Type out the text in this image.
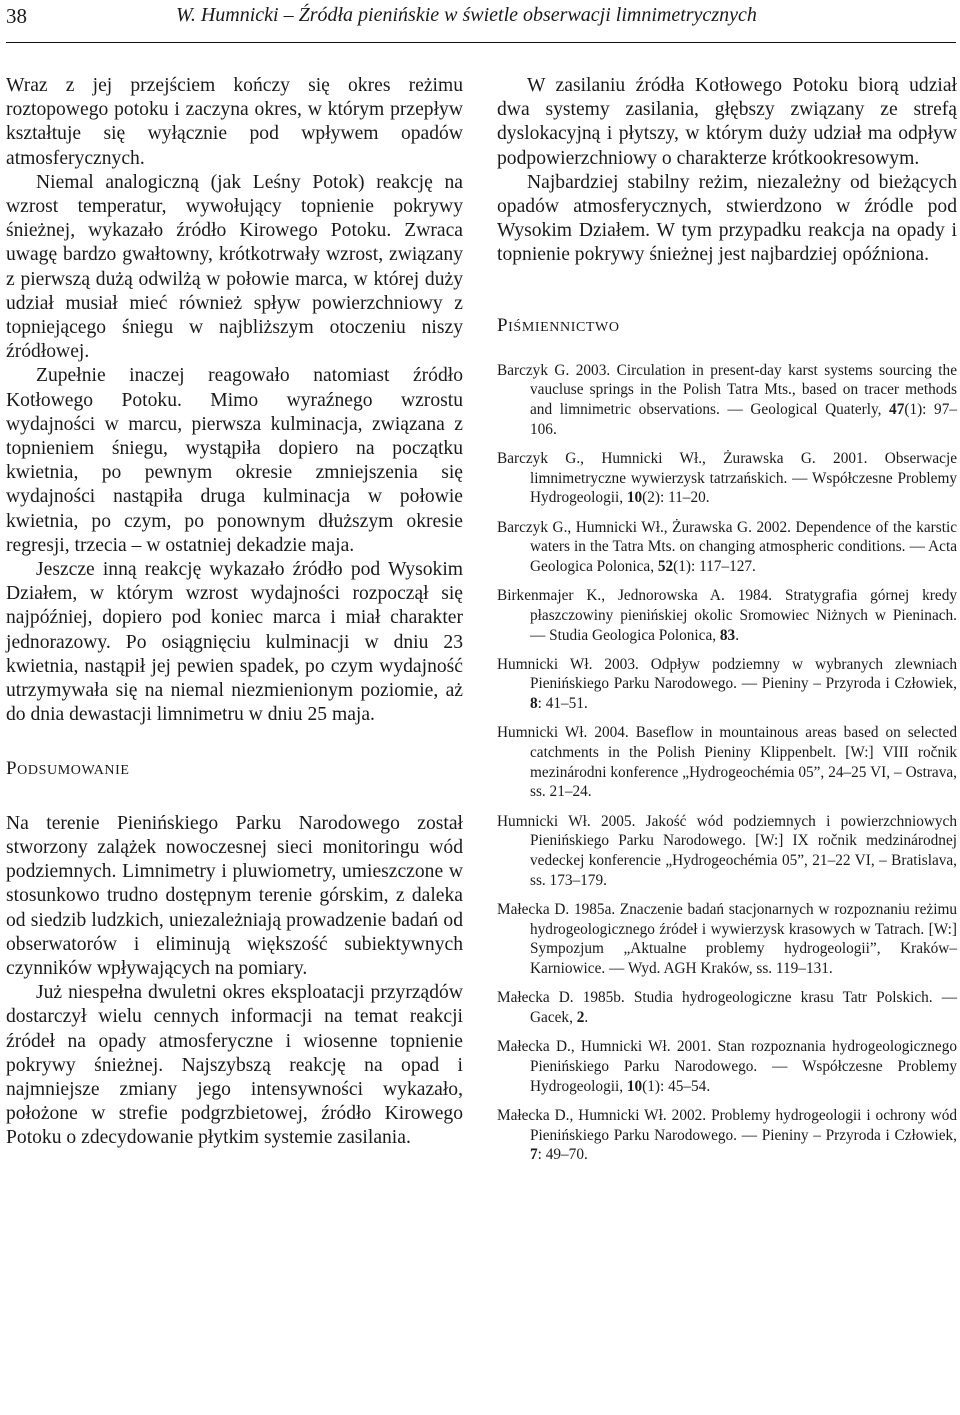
38	W. Humnicki – Źródła pienińskie w świetle obserwacji limnimetrycznych

Wraz z jej przejściem kończy się okres reżimu roztopowego potoku i zaczyna okres, w którym przepływ kształtuje się wyłącznie pod wpływem opadów atmosferycznych.

Niemal analogiczną (jak Leśny Potok) reakcję na wzrost temperatur, wywołujący topnienie pokrywy śnieżnej, wykazało źródło Kirowego Potoku. Zwraca uwagę bardzo gwałtowny, krótkotrwały wzrost, związany z pierwszą dużą odwilżą w połowie marca, w której duży udział musiał mieć również spływ powierzchniowy z topniejącego śniegu w najbliższym otoczeniu niszy źródłowej.

Zupełnie inaczej reagowało natomiast źródło Kotłowego Potoku. Mimo wyraźnego wzrostu wydajności w marcu, pierwsza kulminacja, związana z topnieniem śniegu, wystąpiła dopiero na początku kwietnia, po pewnym okresie zmniejszenia się wydajności nastąpiła druga kulminacja w połowie kwietnia, po czym, po ponownym dłuższym okresie regresji, trzecia – w ostatniej dekadzie maja.

Jeszcze inną reakcję wykazało źródło pod Wysokim Działem, w którym wzrost wydajności rozpoczął się najpóźniej, dopiero pod koniec marca i miał charakter jednorazowy. Po osiągnięciu kulminacji w dniu 23 kwietnia, nastąpił jej pewien spadek, po czym wydajność utrzymywała się na niemal niezmienionym poziomie, aż do dnia dewastacji limnimetru w dniu 25 maja.

PODSUMOWANIE

Na terenie Pienińskiego Parku Narodowego został stworzony zalążek nowoczesnej sieci monitoringu wód podziemnych. Limnimetry i pluwiometry, umieszczone w stosunkowo trudno dostępnym terenie górskim, z daleka od siedzib ludzkich, uniezależniają prowadzenie badań od obserwatorów i eliminują większość subiektywnych czynników wpływających na pomiary.

Już niespełna dwuletni okres eksploatacji przyrządów dostarczył wielu cennych informacji na temat reakcji źródeł na opady atmosferyczne i wiosenne topnienie pokrywy śnieżnej. Najszybszą reakcję na opad i najmniejsze zmiany jego intensywności wykazało, położone w strefie podgrzbietowej, źródło Kirowego Potoku o zdecydowanie płytkim systemie zasilania.

W zasilaniu źródła Kotłowego Potoku biorą udział dwa systemy zasilania, głębszy związany ze strefą dyslokacyjną i płytszy, w którym duży udział ma odpływ podpowierzchniowy o charakterze krótkookresowym.

Najbardziej stabilny reżim, niezależny od bieżących opadów atmosferycznych, stwierdzono w źródle pod Wysokim Działem. W tym przypadku reakcja na opady i topnienie pokrywy śnieżnej jest najbardziej opóźniona.

PIŚMIENNICTWO

Barczyk G. 2003. Circulation in present-day karst systems sourcing the vaucluse springs in the Polish Tatra Mts., based on tracer methods and limnimetric observations. — Geological Quaterly, 47(1): 97–106.

Barczyk G., Humnicki Wł., Żurawska G. 2001. Obserwacje limnimetryczne wywierzysk tatrzańskich. — Współczesne Problemy Hydrogeologii, 10(2): 11–20.

Barczyk G., Humnicki Wł., Żurawska G. 2002. Dependence of the karstic waters in the Tatra Mts. on changing atmospheric conditions. — Acta Geologica Polonica, 52(1): 117–127.

Birkenmajer K., Jednorowska A. 1984. Stratygrafia górnej kredy płaszczowiny pienińskiej okolic Sromowiec Niżnych w Pieninach. — Studia Geologica Polonica, 83.

Humnicki Wł. 2003. Odpływ podziemny w wybranych zlewniach Pienińskiego Parku Narodowego. — Pieniny – Przyroda i Człowiek, 8: 41–51.

Humnicki Wł. 2004. Baseflow in mountainous areas based on selected catchments in the Polish Pieniny Klippenbelt. [W:] VIII ročnik mezinárodni konference „Hydrogeochémia 05”, 24–25 VI, – Ostrava, ss. 21–24.

Humnicki Wł. 2005. Jakość wód podziemnych i powierzchniowych Pienińskiego Parku Narodowego. [W:] IX ročnik medzinárodnej vedeckej konferencie „Hydrogeochémia 05”, 21–22 VI, – Bratislava, ss. 173–179.

Małecka D. 1985a. Znaczenie badań stacjonarnych w rozpoznaniu reżimu hydrogeologicznego źródeł i wywierzysk krasowych w Tatrach. [W:] Sympozjum „Aktualne problemy hydrogeologii”, Kraków–Karniowice. — Wyd. AGH Kraków, ss. 119–131.

Małecka D. 1985b. Studia hydrogeologiczne krasu Tatr Polskich. — Gacek, 2.

Małecka D., Humnicki Wł. 2001. Stan rozpoznania hydrogeologicznego Pienińskiego Parku Narodowego. — Współczesne Problemy Hydrogeologii, 10(1): 45–54.

Małecka D., Humnicki Wł. 2002. Problemy hydrogeologii i ochrony wód Pienińskiego Parku Narodowego. — Pieniny – Przyroda i Człowiek, 7: 49–70.
